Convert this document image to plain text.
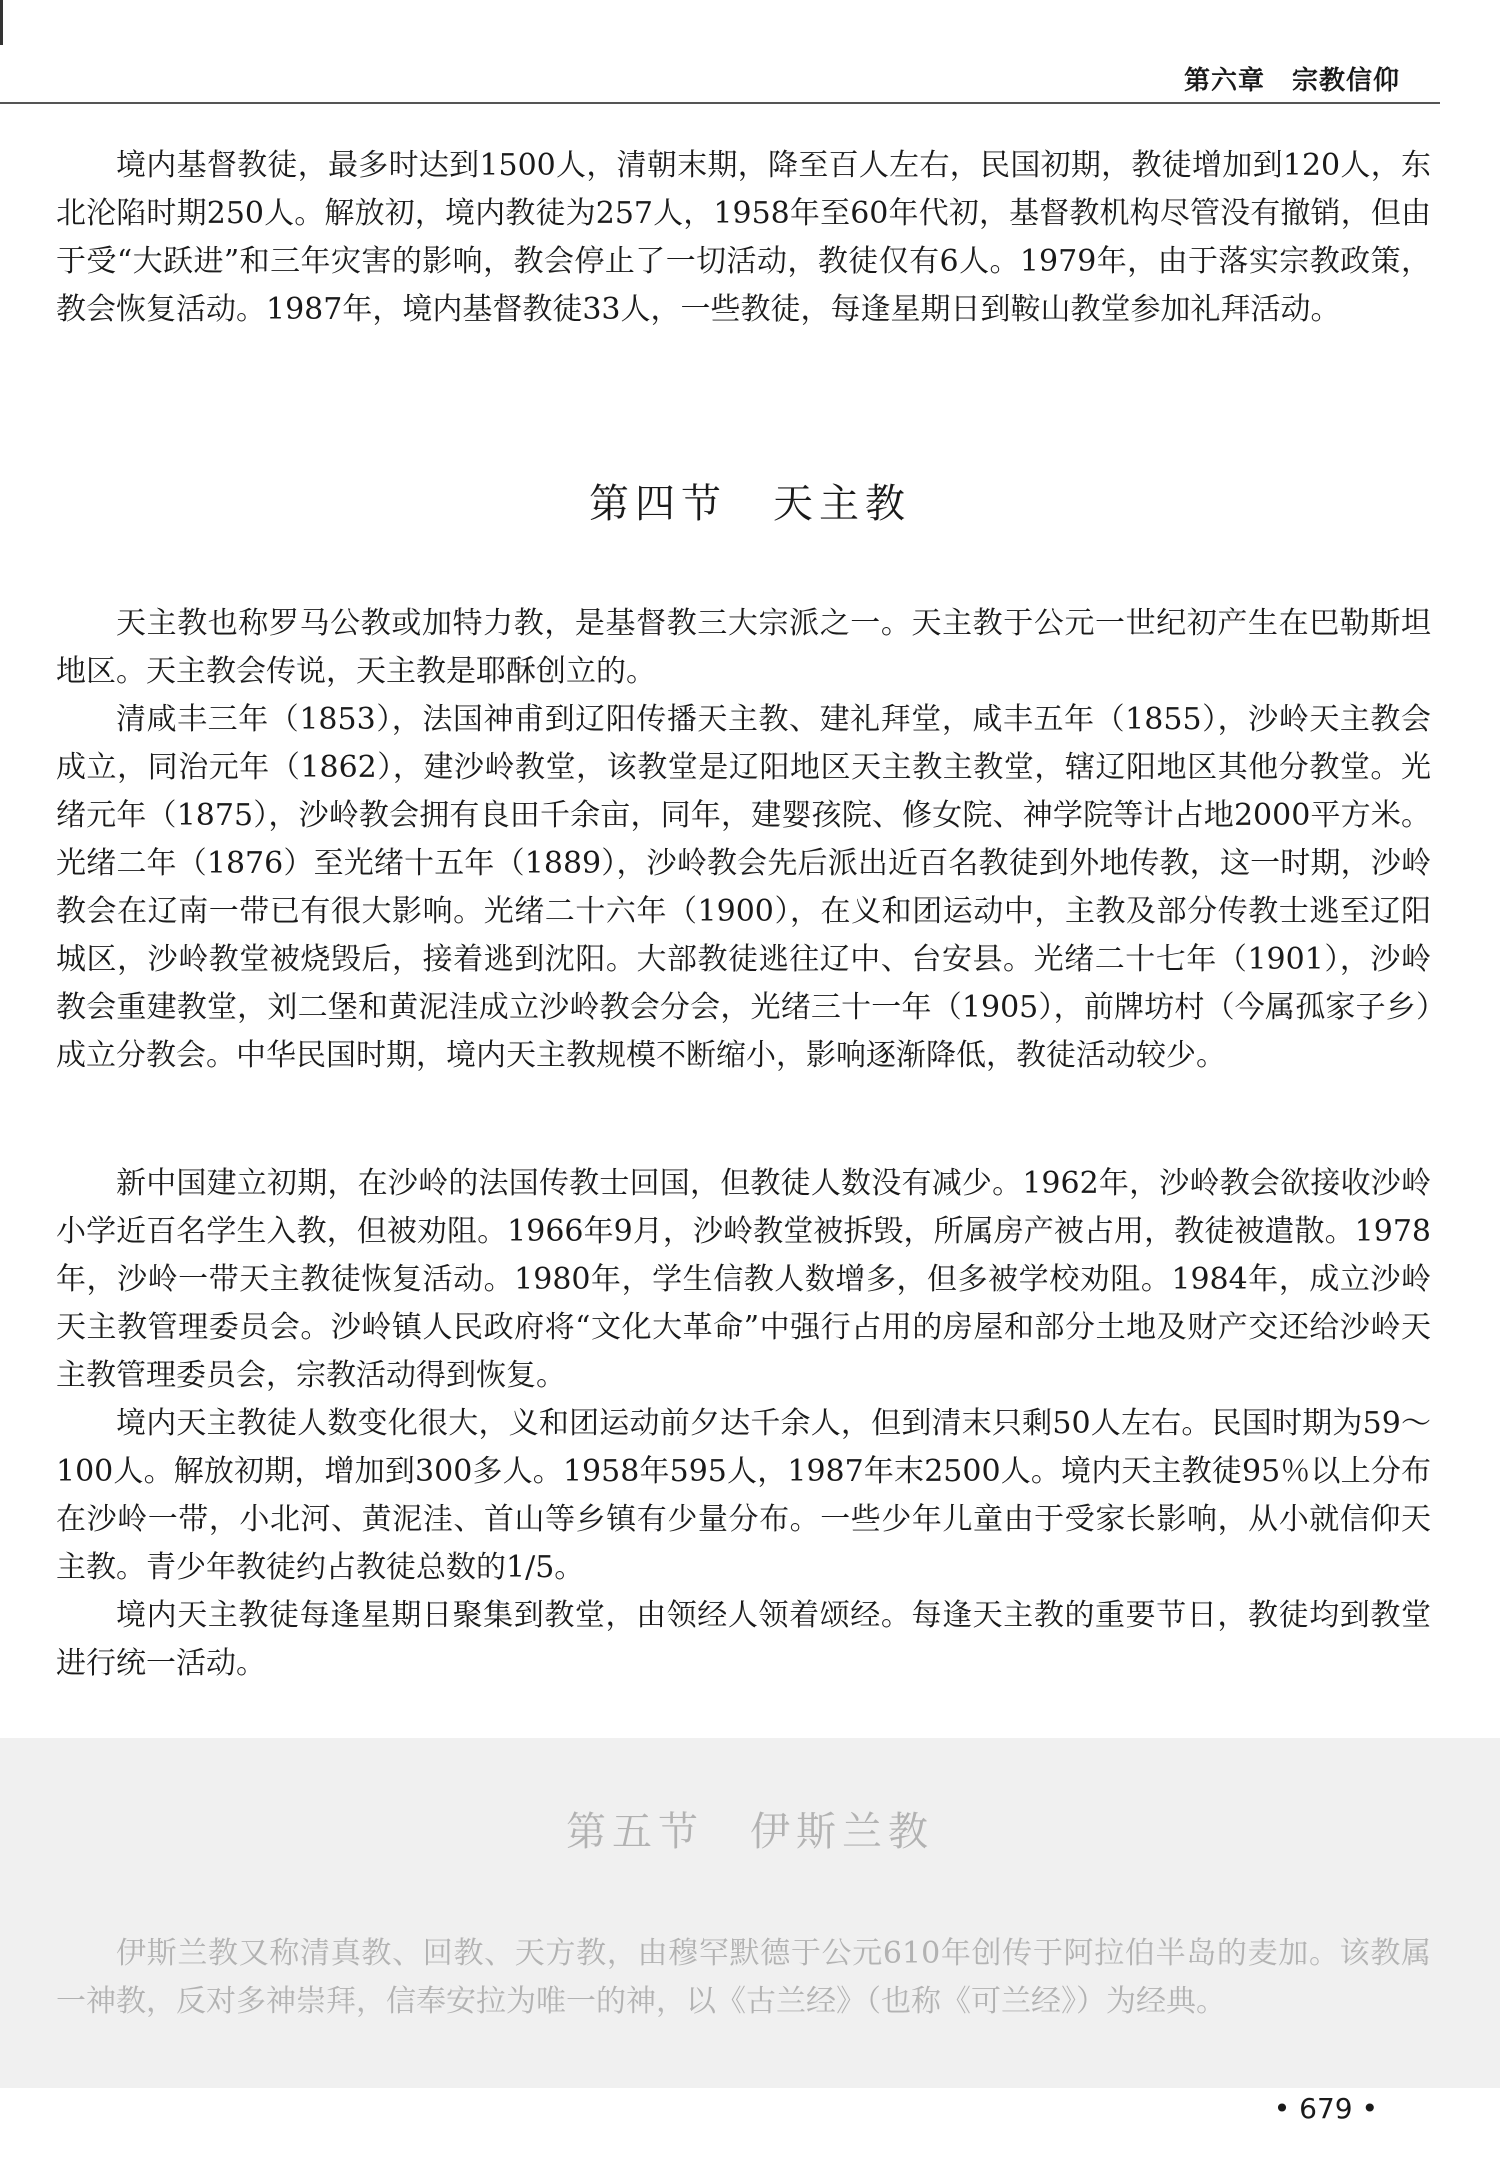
第六章　宗教信仰

境内基督教徒，最多时达到1500人，清朝末期，降至百人左右，民国初期，教徒增加到120人，东北沦陷时期250人。解放初，境内教徒为257人，1958年至60年代初，基督教机构尽管没有撤销，但由于受“大跃进”和三年灾害的影响，教会停止了一切活动，教徒仅有6人。1979年，由于落实宗教政策，教会恢复活动。1987年，境内基督教徒33人，一些教徒，每逢星期日到鞍山教堂参加礼拜活动。

第四节　天主教

天主教也称罗马公教或加特力教，是基督教三大宗派之一。天主教于公元一世纪初产生在巴勒斯坦地区。天主教会传说，天主教是耶酥创立的。

清咸丰三年（1853），法国神甫到辽阳传播天主教、建礼拜堂，咸丰五年（1855），沙岭天主教会成立，同治元年（1862），建沙岭教堂，该教堂是辽阳地区天主教主教堂，辖辽阳地区其他分教堂。光绪元年（1875），沙岭教会拥有良田千余亩，同年，建婴孩院、修女院、神学院等计占地2000平方米。光绪二年（1876）至光绪十五年（1889），沙岭教会先后派出近百名教徒到外地传教，这一时期，沙岭教会在辽南一带已有很大影响。光绪二十六年（1900），在义和团运动中，主教及部分传教士逃至辽阳城区，沙岭教堂被烧毁后，接着逃到沈阳。大部教徒逃往辽中、台安县。光绪二十七年（1901），沙岭教会重建教堂，刘二堡和黄泥洼成立沙岭教会分会，光绪三十一年（1905），前牌坊村（今属孤家子乡）成立分教会。中华民国时期，境内天主教规模不断缩小，影响逐渐降低，教徒活动较少。

新中国建立初期，在沙岭的法国传教士回国，但教徒人数没有减少。1962年，沙岭教会欲接收沙岭小学近百名学生入教，但被劝阻。1966年9月，沙岭教堂被拆毁，所属房产被占用，教徒被遣散。1978年，沙岭一带天主教徒恢复活动。1980年，学生信教人数增多，但多被学校劝阻。1984年，成立沙岭天主教管理委员会。沙岭镇人民政府将“文化大革命”中强行占用的房屋和部分土地及财产交还给沙岭天主教管理委员会，宗教活动得到恢复。

境内天主教徒人数变化很大，义和团运动前夕达千余人，但到清末只剩50人左右。民国时期为59～100人。解放初期，增加到300多人。1958年595人，1987年末2500人。境内天主教徒95％以上分布在沙岭一带，小北河、黄泥洼、首山等乡镇有少量分布。一些少年儿童由于受家长影响，从小就信仰天主教。青少年教徒约占教徒总数的1/5。

境内天主教徒每逢星期日聚集到教堂，由领经人领着颂经。每逢天主教的重要节日，教徒均到教堂进行统一活动。

第五节　伊斯兰教

伊斯兰教又称清真教、回教、天方教，由穆罕默德于公元610年创传于阿拉伯半岛的麦加。该教属一神教，反对多神崇拜，信奉安拉为唯一的神，以《古兰经》（也称《可兰经》）为经典。

• 679 •
